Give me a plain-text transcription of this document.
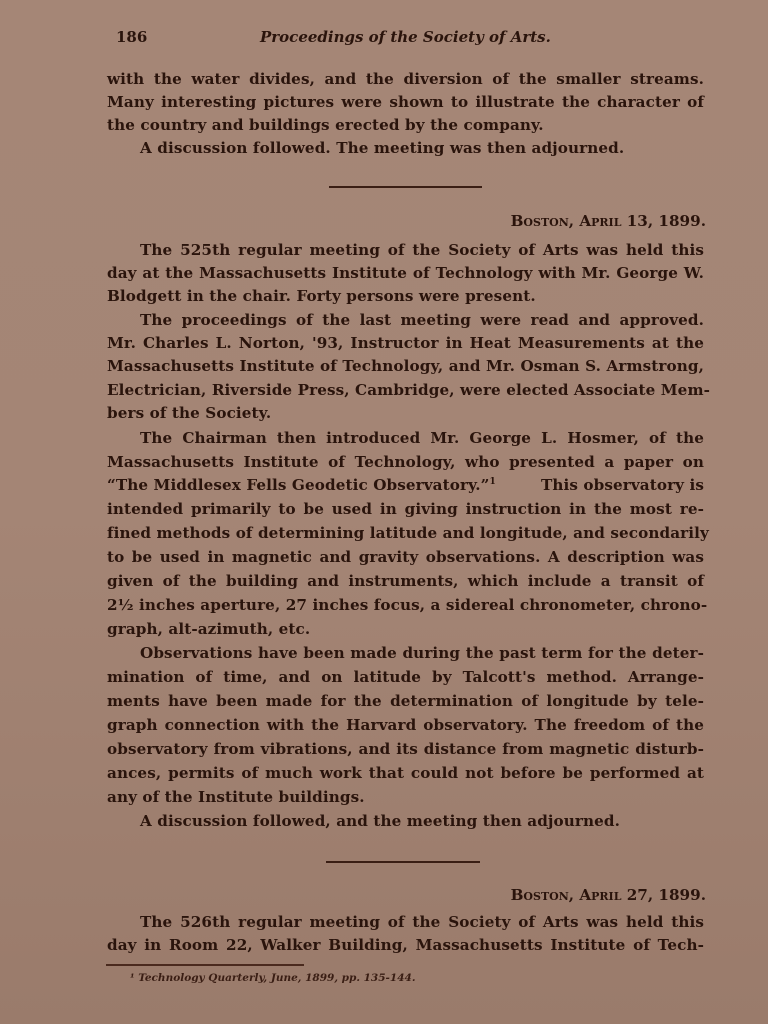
186	Proceedings of the Society of Arts.
with the water divides, and the diversion of the smaller streams.
Many interesting pictures were shown to illustrate the character of
the country and buildings erected by the company.
A discussion followed. The meeting was then adjourned.
Boston, April 13, 1899.
The 525th regular meeting of the Society of Arts was held this
day at the Massachusetts Institute of Technology with Mr. George W.
Blodgett in the chair. Forty persons were present.
The proceedings of the last meeting were read and approved.
Mr. Charles L. Norton, '93, Instructor in Heat Measurements at the
Massachusetts Institute of Technology, and Mr. Osman S. Armstrong,
Electrician, Riverside Press, Cambridge, were elected Associate Mem-
bers of the Society.
The Chairman then introduced Mr. George L. Hosmer, of the
Massachusetts Institute of Technology, who presented a paper on
“The Middlesex Fells Geodetic Observatory.”$^1$	This observatory is
intended primarily to be used in giving instruction in the most re-
fined methods of determining latitude and longitude, and secondarily
to be used in magnetic and gravity observations. A description was
given of the building and instruments, which include a transit of
2½ inches aperture, 27 inches focus, a sidereal chronometer, chrono-
graph, alt-azimuth, etc.
Observations have been made during the past term for the deter-
mination of time, and on latitude by Talcott's method. Arrange-
ments have been made for the determination of longitude by tele-
graph connection with the Harvard observatory. The freedom of the
observatory from vibrations, and its distance from magnetic disturb-
ances, permits of much work that could not before be performed at
any of the Institute buildings.
A discussion followed, and the meeting then adjourned.
Boston, April 27, 1899.
The 526th regular meeting of the Society of Arts was held this
day in Room 22, Walker Building, Massachusetts Institute of Tech-
¹ Technology Quarterly, June, 1899, pp. 135-144.
